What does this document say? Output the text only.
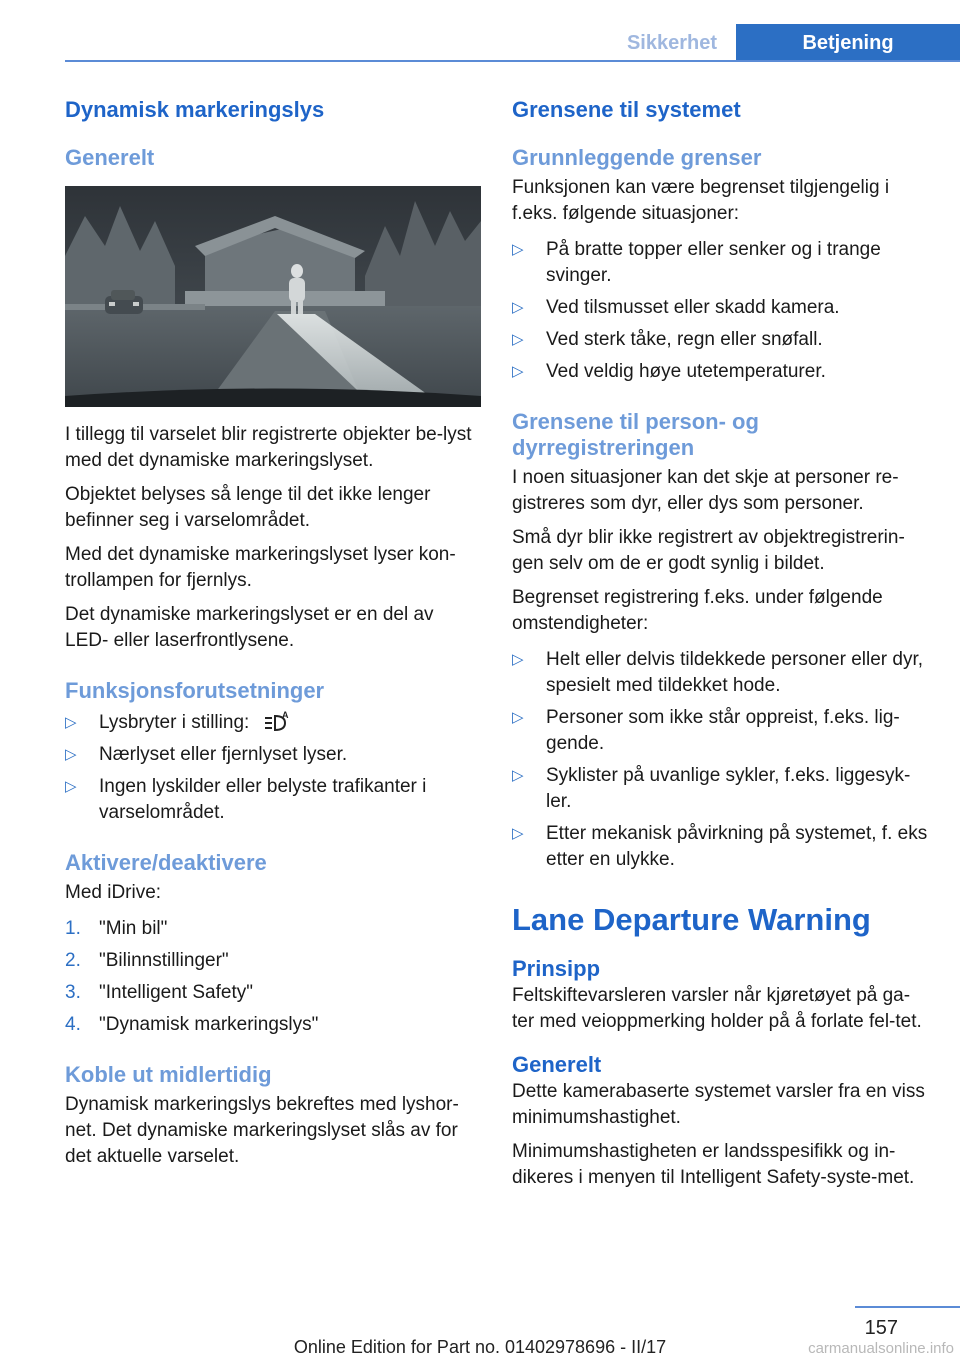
Sikkerhet	Betjening
Dynamisk markeringslys
Generelt

I tillegg til varselet blir registrerte objekter be-lyst med det dynamiske markeringslyset.

Objektet belyses så lenge til det ikke lenger befinner seg i varselområdet.

Med det dynamiske markeringslyset lyser kon-trollampen for fjernlys.

Det dynamiske markeringslyset er en del av LED- eller laserfrontlysene.

Funksjonsforutsetninger
▷ Lysbryter i stilling:	A
▷ Nærlyset eller fjernlyset lyser.
▷ Ingen lyskilder eller belyste trafikanter i varselområdet.
Aktivere/deaktivere

Med iDrive:

1. "Min bil"
2. "Bilinnstillinger"
3. "Intelligent Safety"
4. "Dynamisk markeringslys"
Koble ut midlertidig

Dynamisk markeringslys bekreftes med lyshor-net. Det dynamiske markeringslyset slås av for det aktuelle varselet.

Grensene til systemet
Grunnleggende grenser

Funksjonen kan være begrenset tilgjengelig i f.eks. følgende situasjoner:

▷ På bratte topper eller senker og i trange svinger.
▷ Ved tilsmusset eller skadd kamera.
▷ Ved sterk tåke, regn eller snøfall.
▷ Ved veldig høye utetemperaturer.
Grensene til person- og dyrregistreringen

I noen situasjoner kan det skje at personer re-gistreres som dyr, eller dys som personer.

Små dyr blir ikke registrert av objektregistrerin-gen selv om de er godt synlig i bildet.

Begrenset registrering f.eks. under følgende omstendigheter:

▷ Helt eller delvis tildekkede personer eller dyr, spesielt med tildekket hode.
▷ Personer som ikke står oppreist, f.eks. lig-gende.
▷ Syklister på uvanlige sykler, f.eks. liggesyk-ler.
▷ Etter mekanisk påvirkning på systemet, f. eks etter en ulykke.
Lane Departure Warning
Prinsipp

Feltskiftevarsleren varsler når kjøretøyet på ga-ter med veioppmerking holder på å forlate fel-tet.

Generelt

Dette kamerabaserte systemet varsler fra en viss minimumshastighet.

Minimumshastigheten er landsspesifikk og in-dikeres i menyen til Intelligent Safety-syste-met.

157
Online Edition for Part no. 01402978696 - II/17	carmanualsonline.info
